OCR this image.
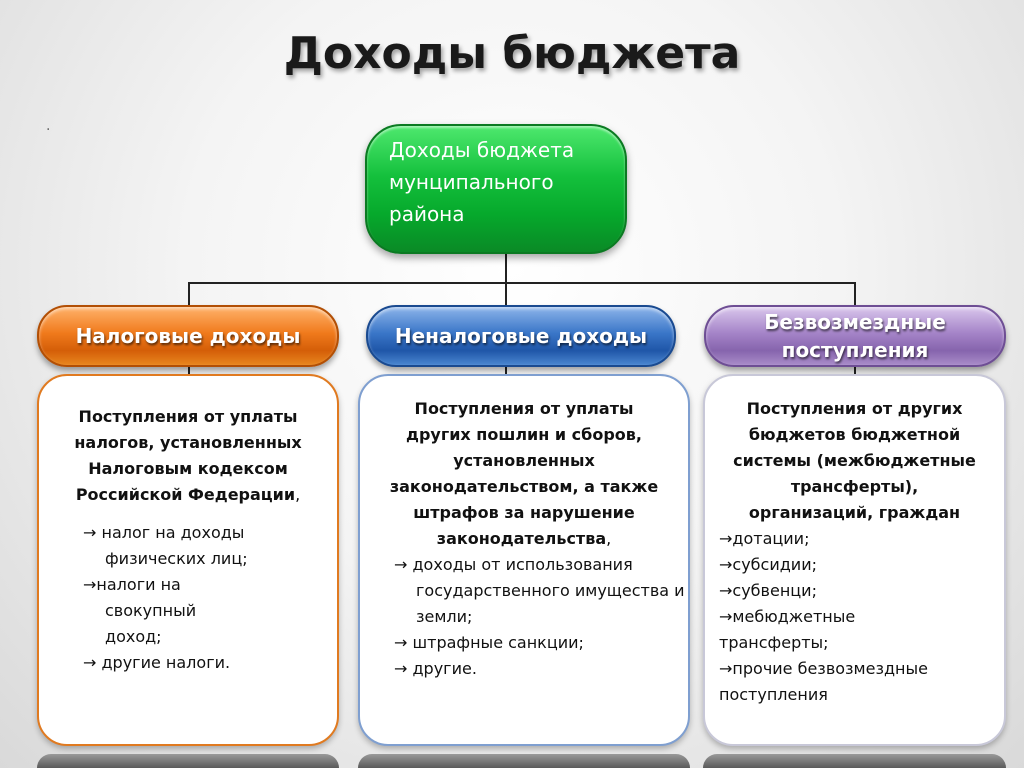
Доходы бюджета
.
Доходы бюджета
мунципального
района
Налоговые доходы	Неналоговые доходы
Безвозмездные поступления
Поступления от уплаты
налогов, установленных
Налоговым кодексом
Российской Федерации,
→ налог на доходы физических лиц;
→налоги на свокупный доход;
→ другие налоги.
Поступления от уплаты
других пошлин и сборов,
установленных
законодательством, а также
штрафов за нарушение
законодательства,
→ доходы от использования государственного имущества и земли;
→ штрафные санкции;
→ другие.
Поступления от других
бюджетов бюджетной
системы (межбюджетные
трансферты),
организаций, граждан
→дотации;
→субсидии;
→субвенци;
→мебюджетные трансферты;
→прочие безвозмездные поступления
